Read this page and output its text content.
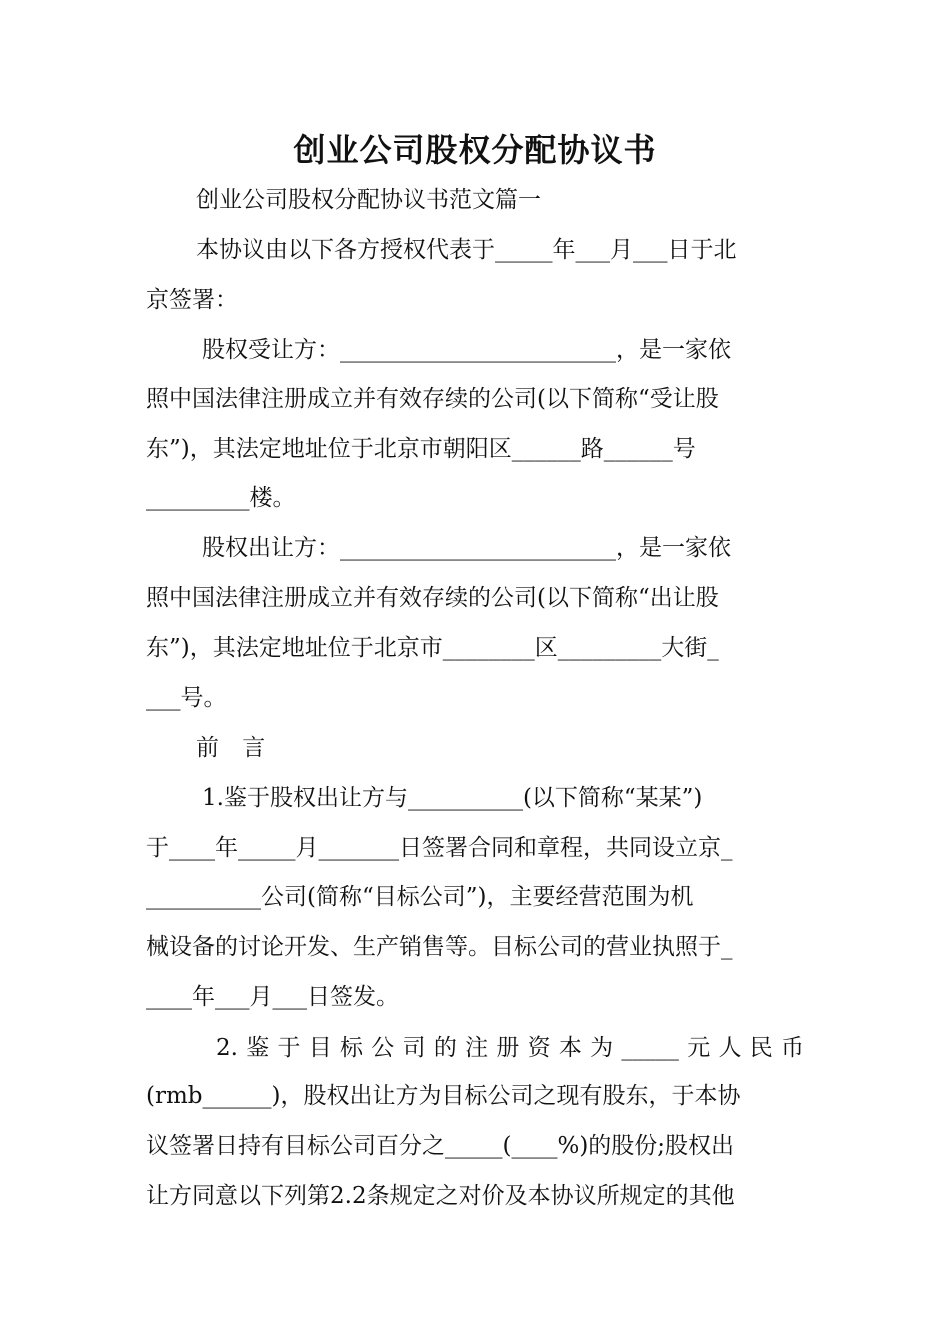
创业公司股权分配协议书

创业公司股权分配协议书范文篇一

本协议由以下各方授权代表于_____年___月___日于北
京签署：
股权受让方：________________________，是一家依
照中国法律注册成立并有效存续的公司(以下简称“受让股
东”)，其法定地址位于北京市朝阳区______路______号
_________楼。
股权出让方：________________________，是一家依
照中国法律注册成立并有效存续的公司(以下简称“出让股
东”)，其法定地址位于北京市________区_________大街_
___号。

前 言

1.鉴于股权出让方与__________(以下简称“某某”)
于____年_____月_______日签署合同和章程，共同设立京_
__________公司(简称“目标公司”)，主要经营范围为机
械设备的讨论开发、生产销售等。目标公司的营业执照于_
____年___月___日签发。
2.鉴于目标公司的注册资本为_____元人民币
(rmb______)，股权出让方为目标公司之现有股东，于本协
议签署日持有目标公司百分之_____(____%)的股份;股权出
让方同意以下列第2.2条规定之对价及本协议所规定的其他
